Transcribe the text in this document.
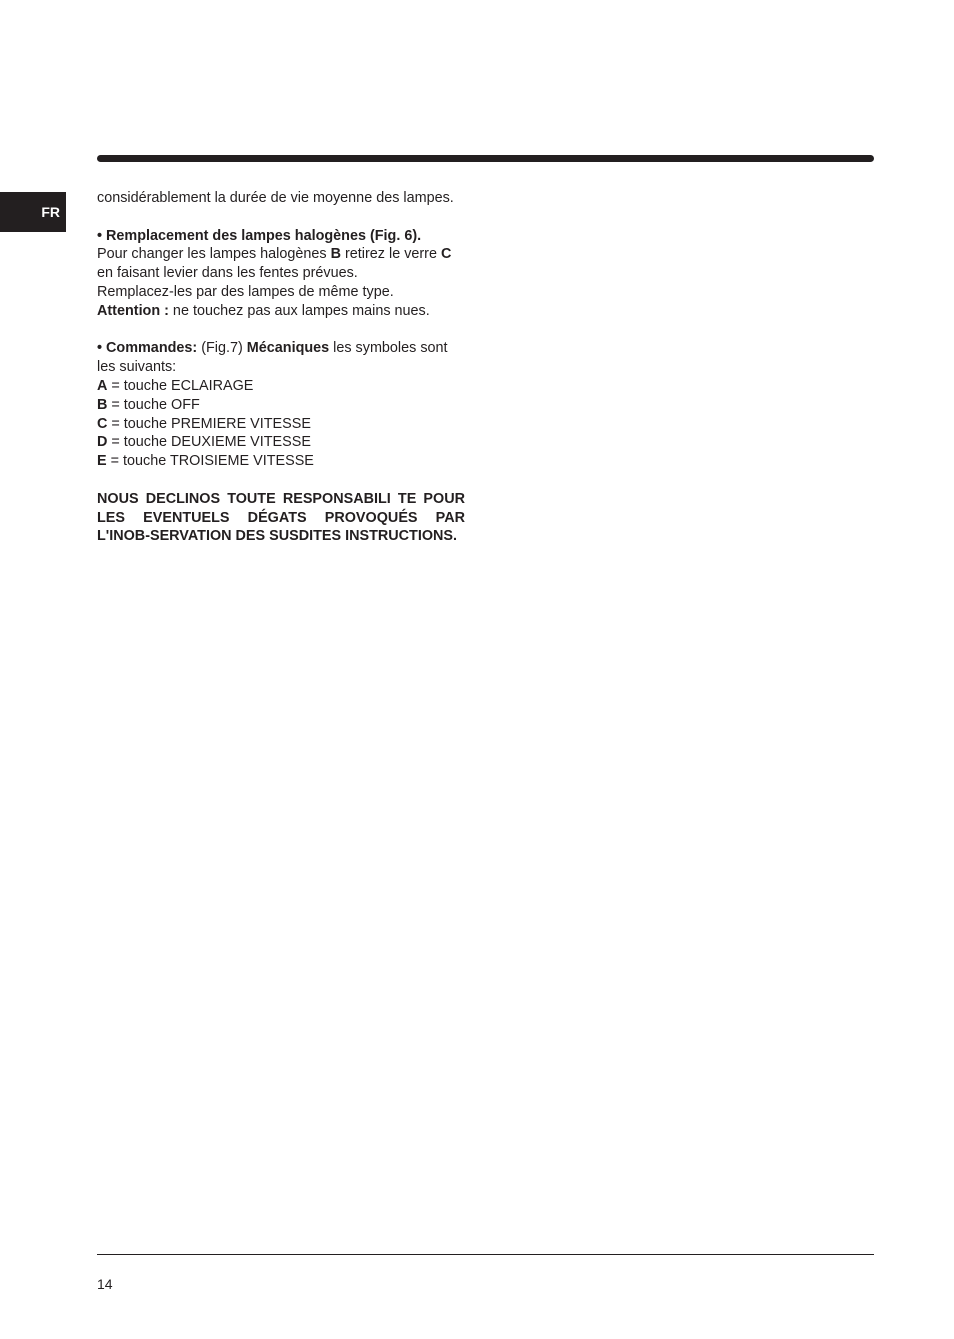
FR

considérablement la durée de vie moyenne des lampes.

• Remplacement des lampes halogènes (Fig. 6).

Pour changer les lampes halogènes B retirez le verre C

en faisant levier dans les fentes prévues.

Remplacez-les par des lampes de même type.

Attention : ne touchez pas aux lampes mains nues.

• Commandes: (Fig.7) Mécaniques les symboles sont les suivants:

A = touche ECLAIRAGE

B = touche OFF

C = touche PREMIERE VITESSE

D = touche DEUXIEME VITESSE

E = touche TROISIEME VITESSE

NOUS DECLINOS TOUTE RESPONSABILI TE POUR LES EVENTUELS DÉGATS PROVOQUÉS PAR L'INOB-SERVATION DES SUSDITES INSTRUCTIONS.

14
